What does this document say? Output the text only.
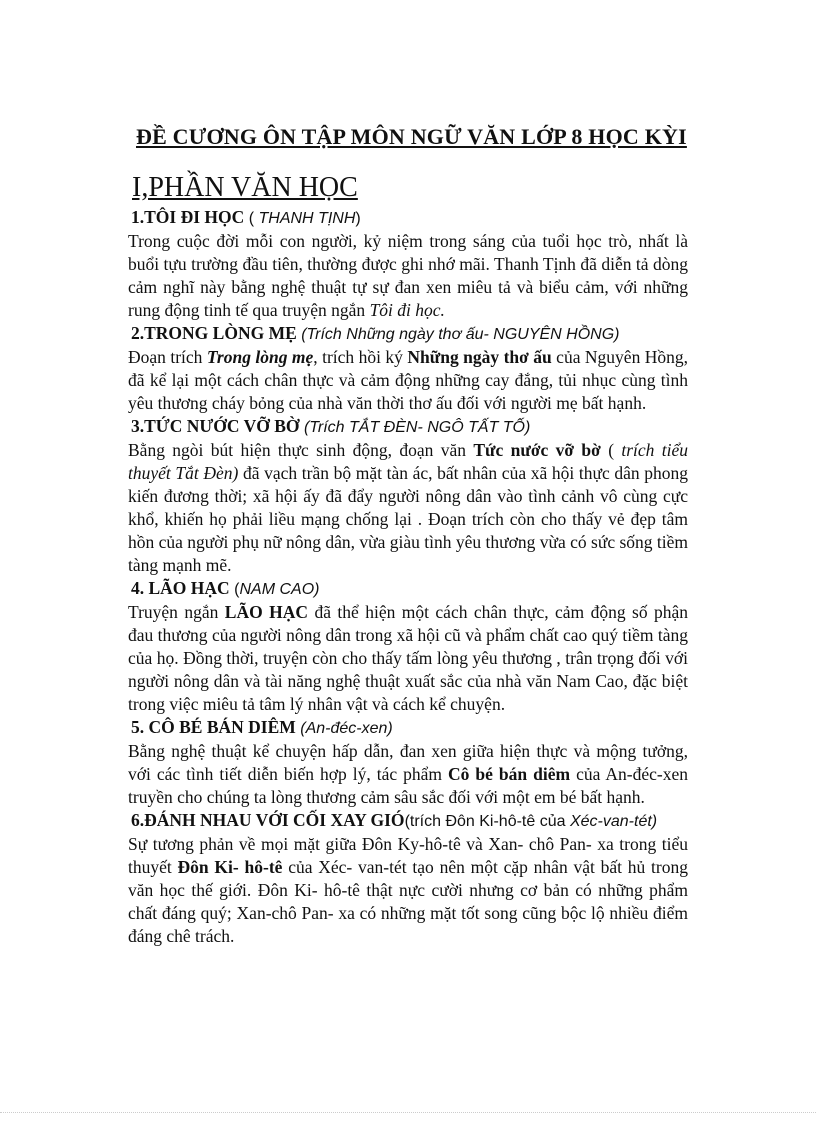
ĐỀ CƯƠNG ÔN TẬP MÔN NGỮ VĂN LỚP 8 HỌC KỲI
I,PHẦN VĂN HỌC

1.TÔI ĐI HỌC ( THANH TỊNH)

Trong cuộc đời mỗi con người, kỷ niệm trong sáng của tuổi học trò, nhất là buổi tựu trường đầu tiên, thường được ghi nhớ mãi. Thanh Tịnh đã diễn tả dòng cảm nghĩ này bằng nghệ thuật tự sự đan xen miêu tả và biểu cảm, với những rung động tinh tế qua truyện ngắn Tôi đi học.

2.TRONG LÒNG MẸ (Trích Những ngày thơ ấu- NGUYÊN HỒNG)

Đoạn trích Trong lòng mẹ, trích hồi ký Những ngày thơ ấu của Nguyên Hồng, đã kể lại một cách chân thực và cảm động những cay đắng, tủi nhục cùng tình yêu thương cháy bỏng của nhà văn thời thơ ấu đối với người mẹ bất hạnh.

3.TỨC NƯỚC VỠ BỜ (Trích TẮT ĐÈN- NGÔ TẤT TỐ)

Bằng ngòi bút hiện thực sinh động, đoạn văn Tức nước vỡ bờ ( trích tiểu thuyết Tắt Đèn) đã vạch trần bộ mặt tàn ác, bất nhân của xã hội thực dân phong kiến đương thời; xã hội ấy đã đẩy người nông dân vào tình cảnh vô cùng cực khổ, khiến họ phải liều mạng chống lại . Đoạn trích còn cho thấy vẻ đẹp tâm hồn của người phụ nữ nông dân, vừa giàu tình yêu thương vừa có sức sống tiềm tàng mạnh mẽ.

4. LÃO HẠC (NAM CAO)

Truyện ngắn LÃO HẠC đã thể hiện một cách chân thực, cảm động số phận đau thương của người nông dân trong xã hội cũ và phẩm chất cao quý tiềm tàng của họ. Đồng thời, truyện còn cho thấy tấm lòng yêu thương , trân trọng đối với người nông dân và tài năng nghệ thuật xuất sắc của nhà văn Nam Cao, đặc biệt trong việc miêu tả tâm lý nhân vật và cách kể chuyện.

5. CÔ BÉ BÁN DIÊM (An-đéc-xen)

Bằng nghệ thuật kể chuyện hấp dẫn, đan xen giữa hiện thực và mộng tưởng, với các tình tiết diễn biến hợp lý, tác phẩm Cô bé bán diêm của An-đéc-xen truyền cho chúng ta lòng thương cảm sâu sắc đối với một em bé bất hạnh.

6.ĐÁNH NHAU VỚI CỐI XAY GIÓ(trích Đôn Ki-hô-tê của Xéc-van-tét)

Sự tương phản về mọi mặt giữa Đôn Ky-hô-tê và Xan- chô Pan- xa trong tiểu thuyết Đôn Ki- hô-tê của Xéc- van-tét tạo nên một cặp nhân vật bất hủ trong văn học thế giới. Đôn Ki- hô-tê thật nực cười nhưng cơ bản có những phẩm chất đáng quý; Xan-chô Pan- xa có những mặt tốt song cũng bộc lộ nhiều điểm đáng chê trách.
